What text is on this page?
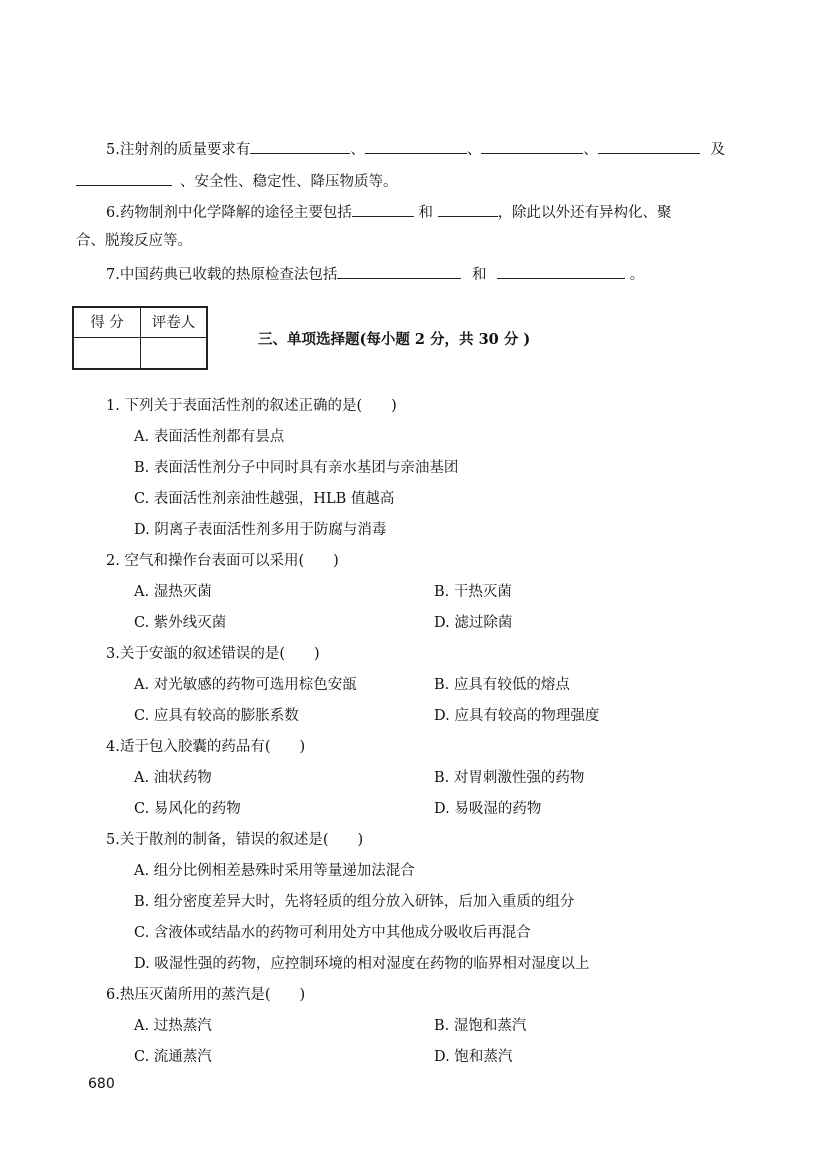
5.注射剂的质量要求有	、	、	、	及
、安全性、稳定性、降压物质等。
6.药物制剂中化学降解的途径主要包括	和	，除此以外还有异构化、聚
合、脱羧反应等。
7.中国药典已收载的热原检查法包括	和	。
得 分	评卷人
三、单项选择题(每小题 2 分，共 30 分 )
1. 下列关于表面活性剂的叙述正确的是(　　)
A. 表面活性剂都有昙点
B. 表面活性剂分子中同时具有亲水基团与亲油基团
C. 表面活性剂亲油性越强，HLB 值越高
D. 阴离子表面活性剂多用于防腐与消毒
2. 空气和操作台表面可以采用(　　)
A. 湿热灭菌	B. 干热灭菌
C. 紫外线灭菌	D. 滤过除菌
3.关于安瓿的叙述错误的是(　　)
A. 对光敏感的药物可选用棕色安瓿	B. 应具有较低的熔点
C. 应具有较高的膨胀系数	D. 应具有较高的物理强度
4.适于包入胶囊的药品有(　　)
A. 油状药物	B. 对胃刺激性强的药物
C. 易风化的药物	D. 易吸湿的药物
5.关于散剂的制备，错误的叙述是(　　)
A. 组分比例相差悬殊时采用等量递加法混合
B. 组分密度差异大时，先将轻质的组分放入研钵，后加入重质的组分
C. 含液体或结晶水的药物可利用处方中其他成分吸收后再混合
D. 吸湿性强的药物，应控制环境的相对湿度在药物的临界相对湿度以上
6.热压灭菌所用的蒸汽是(　　)
A. 过热蒸汽	B. 湿饱和蒸汽
C. 流通蒸汽	D. 饱和蒸汽
680
